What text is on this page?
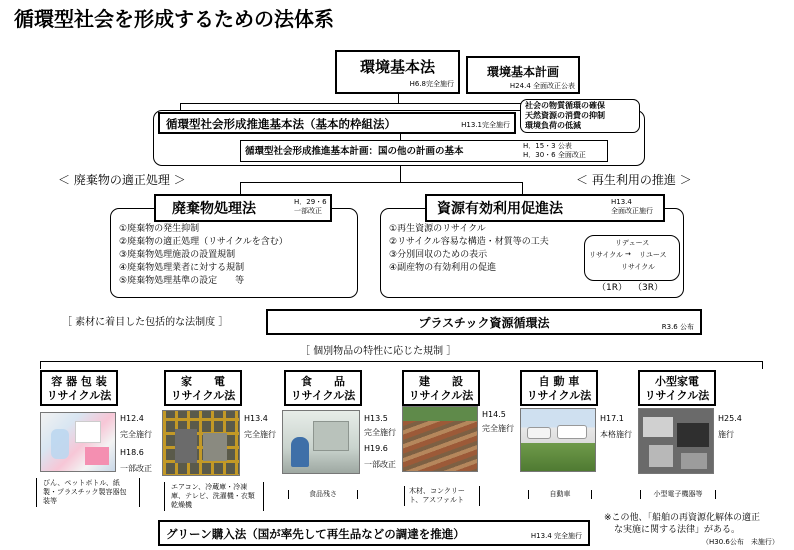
循環型社会を形成するための法体系
環境基本法
H6.8完全施行
環境基本計画
H24.4 全面改正公表
循環型社会形成推進基本法（基本的枠組法）	H13.1完全施行
社会の物質循環の確保
天然資源の消費の抑制
環境負荷の低減
循環型社会形成推進基本計画：国の他の計画の基本	H．15・3 公表
H．30・6 全面改正
＜ 廃棄物の適正処理 ＞	＜ 再生利用の推進 ＞
①廃棄物の発生抑制
②廃棄物の適正処理（リサイクルを含む）
③廃棄物処理施設の設置規制
④廃棄物処理業者に対する規制
⑤廃棄物処理基準の設定　　等
廃棄物処理法	H．29・6
一部改正
①再生資源のリサイクル
②リサイクル容易な構造・材質等の工夫
③分別回収のための表示
④副産物の有効利用の促進
リデュース
リサイクル → リユース
リサイクル
（1R） （3R）
資源有効利用促進法	H13.4
全面改正施行
［ 素材に着目した包括的な法制度 ］	プラスチック資源循環法	R3.6 公布
［ 個別物品の特性に応じた規制 ］
容 器 包 装
リサイクル法
H12.4
完全施行
H18.6
一部改正
びん、ペットボトル、紙製・プラスチック製容器包装等
家　　電
リサイクル法
H13.4
完全施行
エアコン、冷蔵庫・冷凍庫、テレビ、洗濯機・衣類乾燥機
食　　品
リサイクル法
H13.5
完全施行
H19.6
一部改正
食品残さ
建　　設
リサイクル法
H14.5
完全施行
木材、コンクリート、アスファルト
自 動 車
リサイクル法
H17.1
本格施行
自動車
小型家電
リサイクル法
H25.4
施行
小型電子機器等
グリーン購入法（国が率先して再生品などの調達を推進）	H13.4 完全施行
※この他、「船舶の再資源化解体の適正
な実施に関する法律」がある。
（H30.6公布　未施行）
